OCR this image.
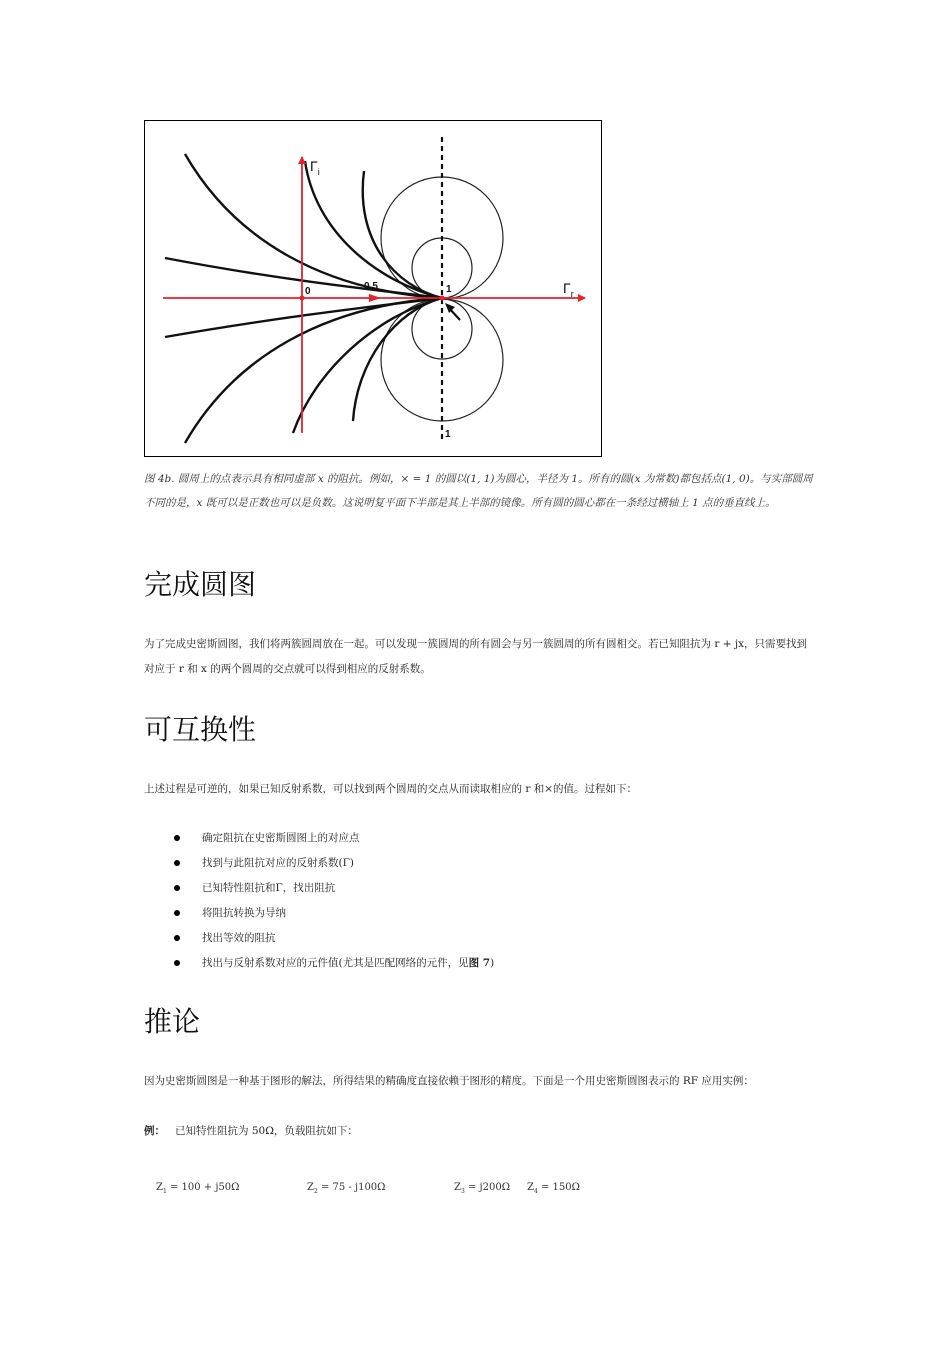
$\Gamma_i$
$\Gamma_r$
0	0.5	1
1
图 4b. 圆周上的点表示具有相同虚部 x 的阻抗。例如，× = 1 的圆以(1, 1)为圆心，半径为 1。所有的圆(x 为常数)都包括点(1, 0)。与实部圆周不同的是，x 既可以是正数也可以是负数。这说明复平面下半部是其上半部的镜像。所有圆的圆心都在一条经过横轴上 1 点的垂直线上。
完成圆图

为了完成史密斯圆图，我们将两簇圆周放在一起。可以发现一簇圆周的所有圆会与另一簇圆周的所有圆相交。若已知阻抗为 r + jx，只需要找到对应于 r 和 x 的两个圆周的交点就可以得到相应的反射系数。

可互换性

上述过程是可逆的，如果已知反射系数，可以找到两个圆周的交点从而读取相应的 r 和×的值。过程如下：

确定阻抗在史密斯圆图上的对应点
找到与此阻抗对应的反射系数(Γ)
已知特性阻抗和Γ，找出阻抗
将阻抗转换为导纳
找出等效的阻抗
找出与反射系数对应的元件值(尤其是匹配网络的元件，见图 7)
推论

因为史密斯圆图是一种基于图形的解法，所得结果的精确度直接依赖于图形的精度。下面是一个用史密斯圆图表示的 RF 应用实例：

例： 已知特性阻抗为 50Ω，负载阻抗如下：

$Z_1 = 100 + j50\Omega$	$Z_2 = 75 - j100\Omega$	$Z_3 = j200\Omega$ $Z_4 = 150\Omega$
